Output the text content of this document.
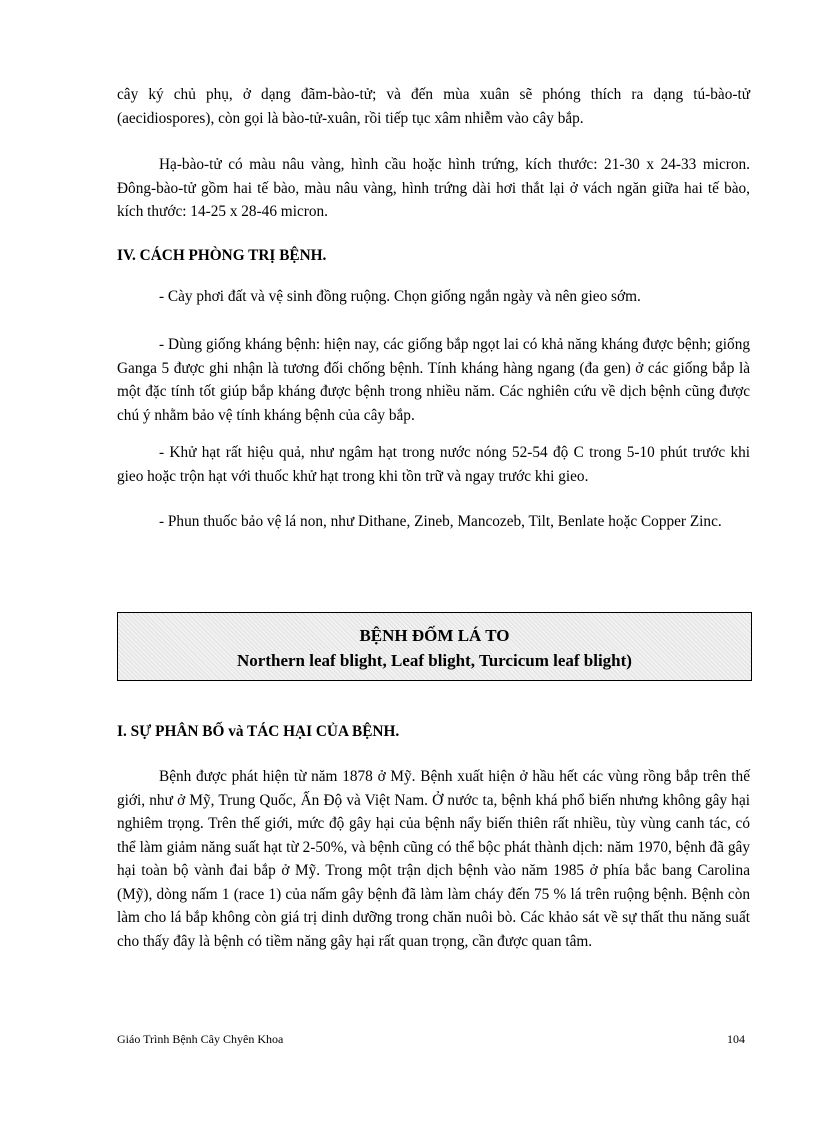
cây ký chủ phụ, ở dạng đãm-bào-tử; và đến mùa xuân sẽ phóng thích ra dạng tú-bào-tử (aecidiospores), còn gọi là bào-tử-xuân, rồi tiếp tục xâm nhiễm vào cây bắp.

Hạ-bào-tử có màu nâu vàng, hình cầu hoặc hình trứng, kích thước: 21-30 x 24-33 micron. Đông-bào-tử gồm hai tế bào, màu nâu vàng, hình trứng dài hơi thắt lại ở vách ngăn giữa hai tế bào, kích thước: 14-25 x 28-46 micron.

IV. CÁCH PHÒNG TRỊ BỆNH.

- Cày phơi đất và vệ sinh đồng ruộng. Chọn giống ngắn ngày và nên gieo sớm.

- Dùng giống kháng bệnh: hiện nay, các giống bắp ngọt lai có khả năng kháng được bệnh; giống Ganga 5 được ghi nhận là tương đối chống bệnh. Tính kháng hàng ngang (đa gen) ở các giống bắp là một đặc tính tốt giúp bắp kháng được bệnh trong nhiều năm. Các nghiên cứu về dịch bệnh cũng được chú ý nhằm bảo vệ tính kháng bệnh của cây bắp.

- Khử hạt rất hiệu quả, như ngâm hạt trong nước nóng 52-54 độ C trong 5-10 phút trước khi gieo hoặc trộn hạt với thuốc khử hạt trong khi tồn trữ và ngay trước khi gieo.

- Phun thuốc bảo vệ lá non, như Dithane, Zineb, Mancozeb, Tilt, Benlate hoặc Copper Zinc.

BỆNH ĐỐM LÁ TO

Northern leaf blight, Leaf blight, Turcicum leaf blight)

I. SỰ PHÂN BỐ và TÁC HẠI CỦA BỆNH.

Bệnh được phát hiện từ năm 1878 ở Mỹ. Bệnh xuất hiện ở hầu hết các vùng rồng bắp trên thế giới, như ở Mỹ, Trung Quốc, Ấn Độ và Việt Nam. Ở nước ta, bệnh khá phổ biến nhưng không gây hại nghiêm trọng. Trên thế giới, mức độ gây hại của bệnh nẩy biến thiên rất nhiều, tùy vùng canh tác, có thể làm giảm năng suất hạt từ 2-50%, và bệnh cũng có thể bộc phát thành dịch: năm 1970, bệnh đã gây hại toàn bộ vành đai bắp ở Mỹ. Trong một trận dịch bệnh vào năm 1985 ở phía bắc bang Carolina (Mỹ), dòng nấm 1 (race 1) của nấm gây bệnh đã làm làm cháy đến 75 % lá trên ruộng bệnh. Bệnh còn làm cho lá bắp không còn giá trị dinh dưỡng trong chăn nuôi bò. Các khảo sát về sự thất thu năng suất cho thấy đây là bệnh có tiềm năng gây hại rất quan trọng, cần được quan tâm.

Giáo Trình Bệnh Cây Chyên Khoa	104
